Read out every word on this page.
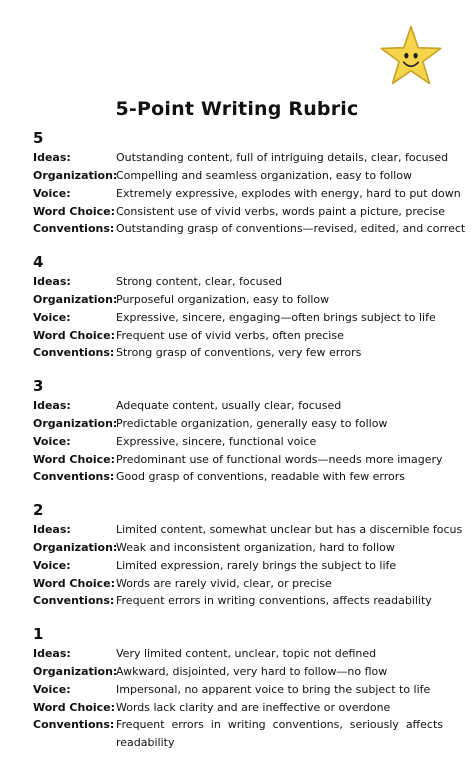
5-Point Writing Rubric
5
Ideas:	Outstanding content, full of intriguing details, clear, focused
Organization:
Compelling and seamless organization, easy to follow
Voice:	Extremely expressive, explodes with energy, hard to put down
Word Choice: Consistent use of vivid verbs, words paint a picture, precise
Conventions: Outstanding grasp of conventions—revised, edited, and correct
4
Ideas:	Strong content, clear, focused
Organization:
Purposeful organization, easy to follow
Voice:	Expressive, sincere, engaging—often brings subject to life
Word Choice: Frequent use of vivid verbs, often precise
Conventions: Strong grasp of conventions, very few errors
3
Ideas:	Adequate content, usually clear, focused
Organization:
Predictable organization, generally easy to follow
Voice:	Expressive, sincere, functional voice
Word Choice: Predominant use of functional words—needs more imagery
Conventions: Good grasp of conventions, readable with few errors
2
Ideas:	Limited content, somewhat unclear but has a discernible focus
Organization:
Weak and inconsistent organization, hard to follow
Voice:	Limited expression, rarely brings the subject to life
Word Choice: Words are rarely vivid, clear, or precise
Conventions: Frequent errors in writing conventions, affects readability
1
Ideas:	Very limited content, unclear, topic not defined
Organization:
Awkward, disjointed, very hard to follow—no flow
Voice:	Impersonal, no apparent voice to bring the subject to life
Word Choice: Words lack clarity and are ineffective or overdone
Conventions: Frequent errors in writing conventions, seriously affects readability
